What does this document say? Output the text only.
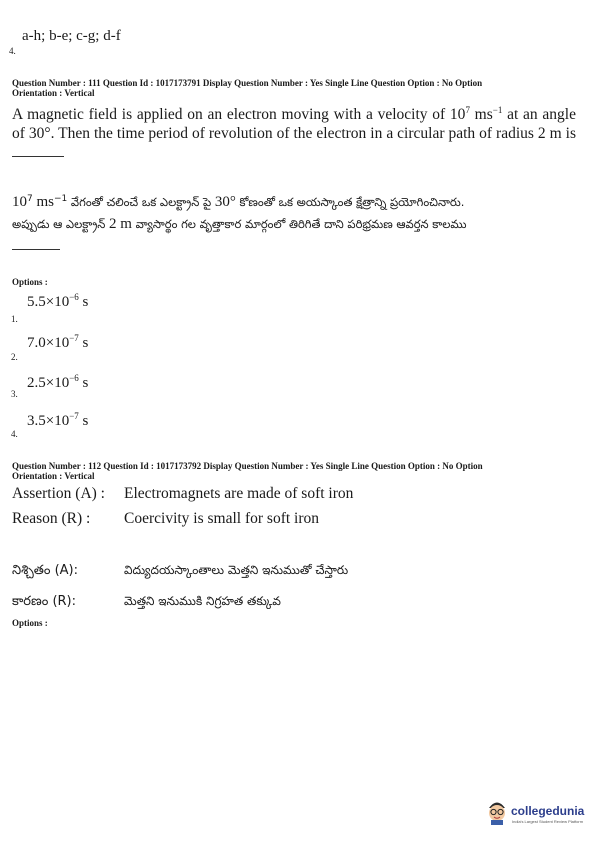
a-h; b-e; c-g; d-f
4.
Question Number : 111 Question Id : 1017173791 Display Question Number : Yes Single Line Question Option : No Option
Orientation : Vertical
A magnetic field is applied on an electron moving with a velocity of $10^7$ $ms^{-1}$ at an angle of 30°. Then the time period of revolution of the electron in a circular path of radius 2 m is
$10^7$ $ms^{-1}$ వేగంతో చలించే ఒక ఎలక్ట్రాన్ పై 30° కోణంతో ఒక అయస్కాంత క్షేత్రాన్ని ప్రయోగించినారు.
అప్పుడు ఆ ఎలక్ట్రాన్ 2 m వ్యాసార్థం గల వృత్తాకార మార్గంలో తిరిగితే దాని పరిభ్రమణ ఆవర్తన కాలము
Options :
$5.5\times 10^{-6}$ s
1.
$7.0\times 10^{-7}$ s
2.
$2.5\times 10^{-6}$ s
3.
$3.5\times 10^{-7}$ s
4.
Question Number : 112 Question Id : 1017173792 Display Question Number : Yes Single Line Question Option : No Option
Orientation : Vertical
Assertion (A) : Electromagnets are made of soft iron
Reason (R) : Coercivity is small for soft iron
నిశ్చితం (A):	విద్యుదయస్కాంతాలు మెత్తని ఇనుముతో చేస్తారు
కారణం (R):	మెత్తని ఇనుముకి నిగ్రహత తక్కువ
Options :
collegedunia
India's Largest Student Review Platform
